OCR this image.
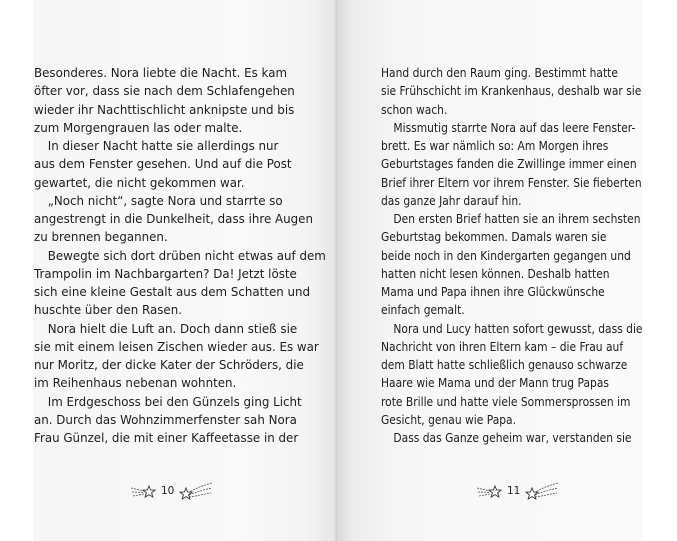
Besonderes. Nora liebte die Nacht. Es kam
öfter vor, dass sie nach dem Schlafengehen
wieder ihr Nachttischlicht anknipste und bis
zum Morgengrauen las oder malte.
In dieser Nacht hatte sie allerdings nur
aus dem Fenster gesehen. Und auf die Post
gewartet, die nicht gekommen war.
„Noch nicht“, sagte Nora und starrte so
angestrengt in die Dunkelheit, dass ihre Augen
zu brennen begannen.
Bewegte sich dort drüben nicht etwas auf dem
Trampolin im Nachbargarten? Da! Jetzt löste
sich eine kleine Gestalt aus dem Schatten und
huschte über den Rasen.
Nora hielt die Luft an. Doch dann stieß sie
sie mit einem leisen Zischen wieder aus. Es war
nur Moritz, der dicke Kater der Schröders, die
im Reihenhaus nebenan wohnten.
Im Erdgeschoss bei den Günzels ging Licht
an. Durch das Wohnzimmerfenster sah Nora
Frau Günzel, die mit einer Kaffeetasse in der
10
Hand durch den Raum ging. Bestimmt hatte
sie Frühschicht im Krankenhaus, deshalb war sie
schon wach.
Missmutig starrte Nora auf das leere Fenster-
brett. Es war nämlich so: Am Morgen ihres
Geburtstages fanden die Zwillinge immer einen
Brief ihrer Eltern vor ihrem Fenster. Sie fieberten
das ganze Jahr darauf hin.
Den ersten Brief hatten sie an ihrem sechsten
Geburtstag bekommen. Damals waren sie
beide noch in den Kindergarten gegangen und
hatten nicht lesen können. Deshalb hatten
Mama und Papa ihnen ihre Glückwünsche
einfach gemalt.
Nora und Lucy hatten sofort gewusst, dass die
Nachricht von ihren Eltern kam – die Frau auf
dem Blatt hatte schließlich genauso schwarze
Haare wie Mama und der Mann trug Papas
rote Brille und hatte viele Sommersprossen im
Gesicht, genau wie Papa.
Dass das Ganze geheim war, verstanden sie
11
